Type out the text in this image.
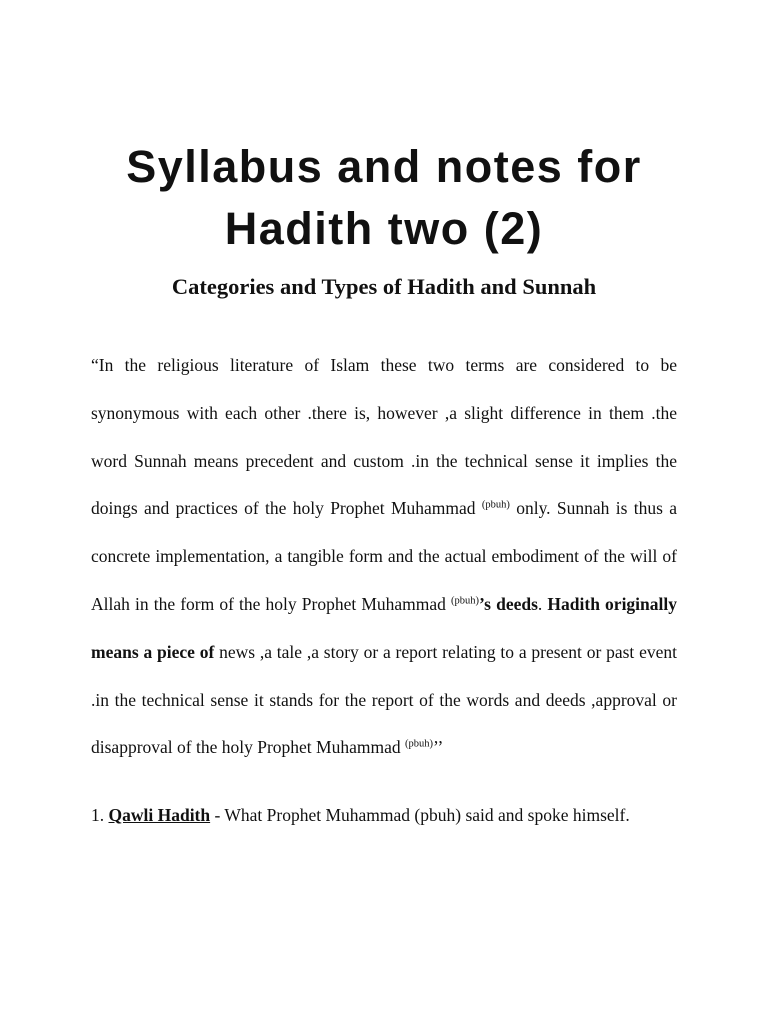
Syllabus and notes for Hadith two (2)
Categories and Types of Hadith and Sunnah

“In the religious literature of Islam these two terms are considered to be synonymous with each other .there is, however ,a slight difference in them .the word Sunnah means precedent and custom .in the technical sense it implies the doings and practices of the holy Prophet Muhammad $^{(pbuh)}$ only. Sunnah is thus a concrete implementation, a tangible form and the actual embodiment of the will of Allah in the form of the holy Prophet Muhammad $^{(pbuh)}$’s deeds. Hadith originally means a piece of news ,a tale ,a story or a report relating to a present or past event .in the technical sense it stands for the report of the words and deeds ,approval or disapproval of the holy Prophet Muhammad $^{(pbuh)}$’’

1. Qawli Hadith - What Prophet Muhammad (pbuh) said and spoke himself.
